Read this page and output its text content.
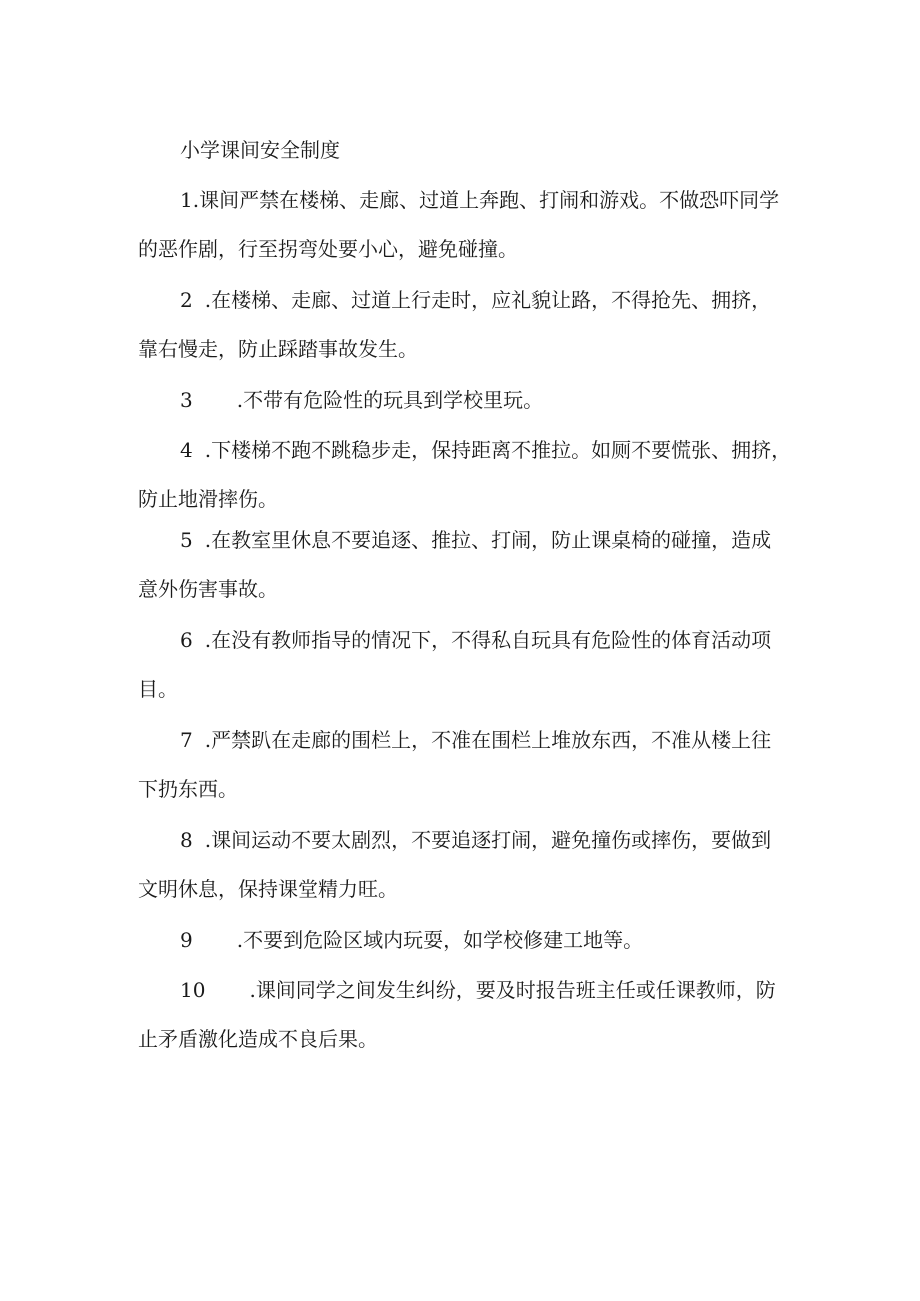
小学课间安全制度
1.课间严禁在楼梯、走廊、过道上奔跑、打闹和游戏。不做恐吓同学
的恶作剧，行至拐弯处要小心，避免碰撞。
2 .在楼梯、走廊、过道上行走时，应礼貌让路，不得抢先、拥挤，
靠右慢走，防止踩踏事故发生。
3 .不带有危险性的玩具到学校里玩。
4 .下楼梯不跑不跳稳步走，保持距离不推拉。如厕不要慌张、拥挤，
防止地滑摔伤。
5 .在教室里休息不要追逐、推拉、打闹，防止课桌椅的碰撞，造成
意外伤害事故。
6 .在没有教师指导的情况下，不得私自玩具有危险性的体育活动项
目。
7 .严禁趴在走廊的围栏上，不准在围栏上堆放东西，不准从楼上往
下扔东西。
8 .课间运动不要太剧烈，不要追逐打闹，避免撞伤或摔伤，要做到
文明休息，保持课堂精力旺。
9 .不要到危险区域内玩耍，如学校修建工地等。
10 .课间同学之间发生纠纷，要及时报告班主任或任课教师，防
止矛盾激化造成不良后果。
